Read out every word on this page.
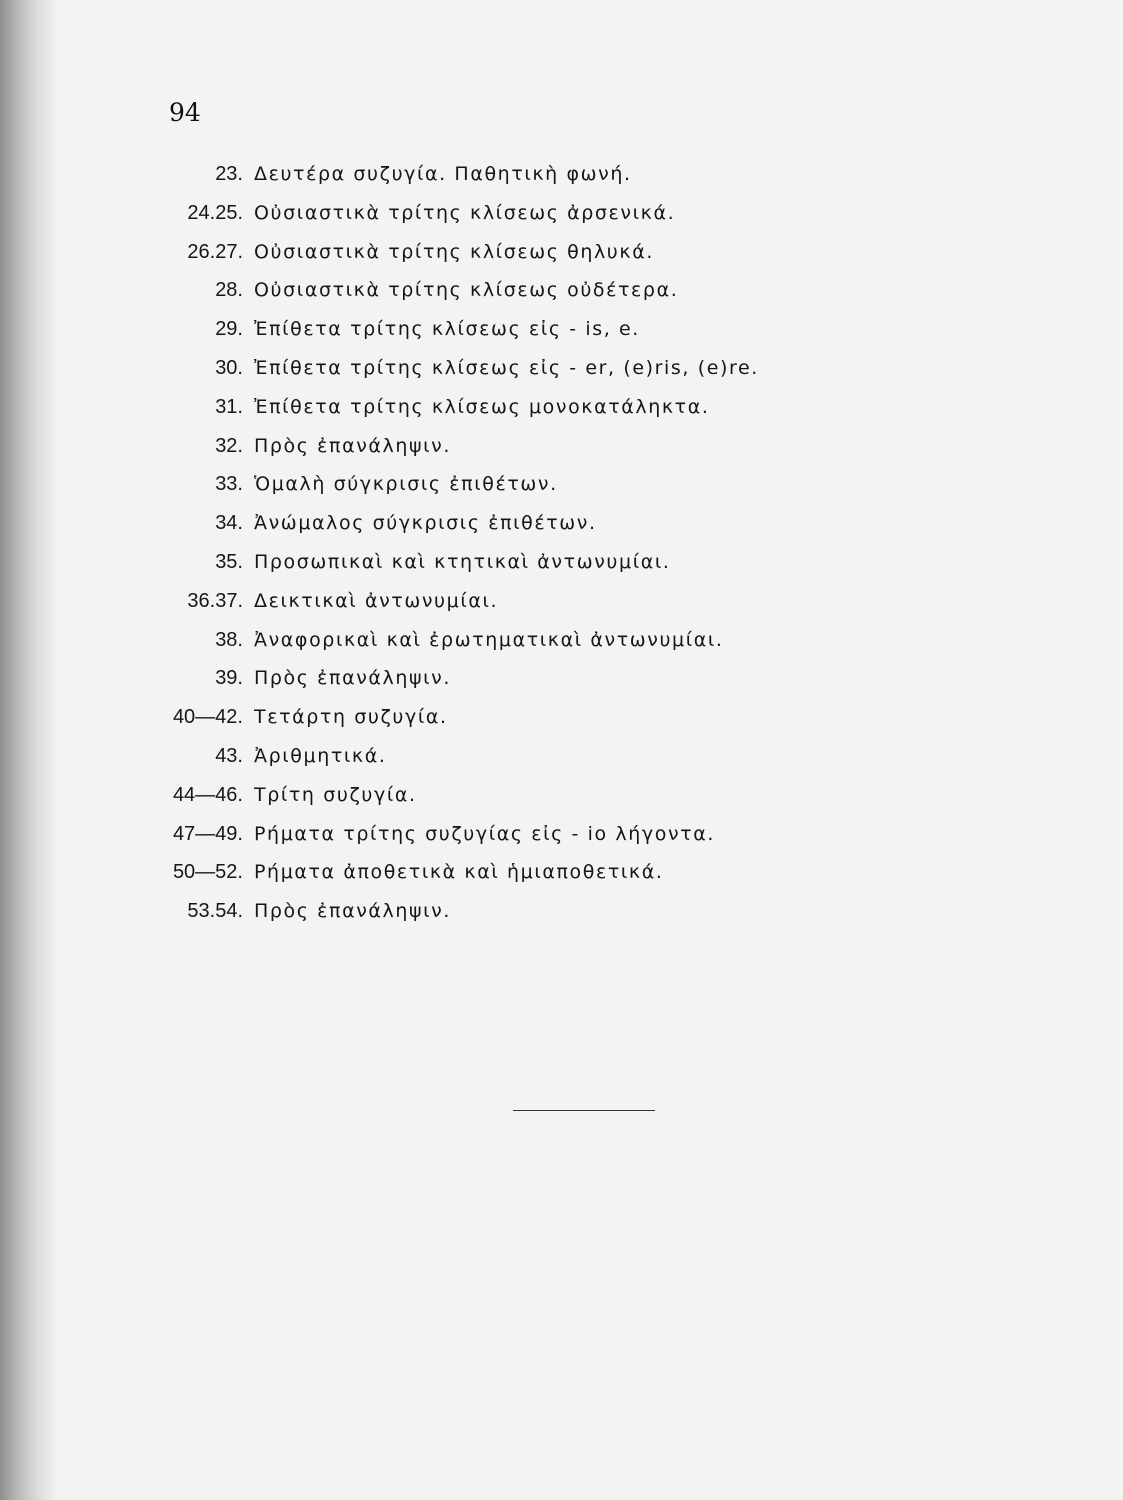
94
23. Δευτέρα συζυγία. Παθητικὴ φωνή.
24.25. Οὐσιαστικὰ τρίτης κλίσεως ἀρσενικά.
26.27. Οὐσιαστικὰ τρίτης κλίσεως θηλυκά.
28. Οὐσιαστικὰ τρίτης κλίσεως οὐδέτερα.
29. Ἐπίθετα τρίτης κλίσεως εἰς - is, e.
30. Ἐπίθετα τρίτης κλίσεως εἰς - er, (e)ris, (e)re.
31. Ἐπίθετα τρίτης κλίσεως μονοκατάληκτα.
32. Πρὸς ἐπανάληψιν.
33. Ὁμαλὴ σύγκρισις ἐπιθέτων.
34. Ἀνώμαλος σύγκρισις ἐπιθέτων.
35. Προσωπικαὶ καὶ κτητικαὶ ἀντωνυμίαι.
36.37. Δεικτικαὶ ἀντωνυμίαι.
38. Ἀναφορικαὶ καὶ ἐρωτηματικαὶ ἀντωνυμίαι.
39. Πρὸς ἐπανάληψιν.
40—42. Τετάρτη συζυγία.
43. Ἀριθμητικά.
44—46. Τρίτη συζυγία.
47—49. Ρήματα τρίτης συζυγίας εἰς - io λήγοντα.
50—52. Ρήματα ἀποθετικὰ καὶ ἡμιαποθετικά.
53.54. Πρὸς ἐπανάληψιν.
